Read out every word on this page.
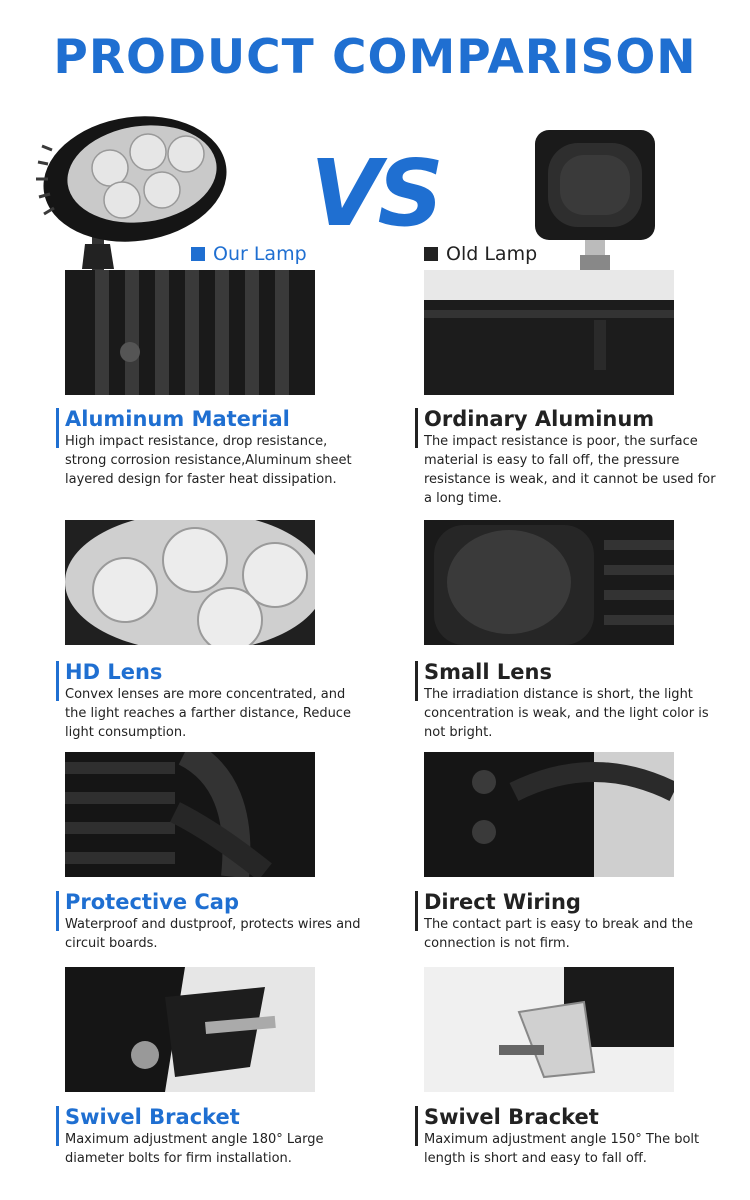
PRODUCT COMPARISON
VS
Our Lamp	Old Lamp
Aluminum Material
High impact resistance, drop resistance, strong corrosion resistance,Aluminum sheet layered design for faster heat dissipation.
Ordinary Aluminum
The impact resistance is poor, the surface material is easy to fall off, the pressure resistance is weak, and it cannot be used for a long time.
HD Lens
Convex lenses are more concentrated, and the light reaches a farther distance, Reduce light consumption.
Small Lens
The irradiation distance is short, the light concentration is weak, and the light color is not bright.
Protective Cap
Waterproof and dustproof, protects wires and circuit boards.
Direct Wiring
The contact part is easy to break and the connection is not firm.
Swivel Bracket
Maximum adjustment angle 180° Large diameter bolts for firm installation.
Swivel Bracket
Maximum adjustment angle 150° The bolt length is short and easy to fall off.
